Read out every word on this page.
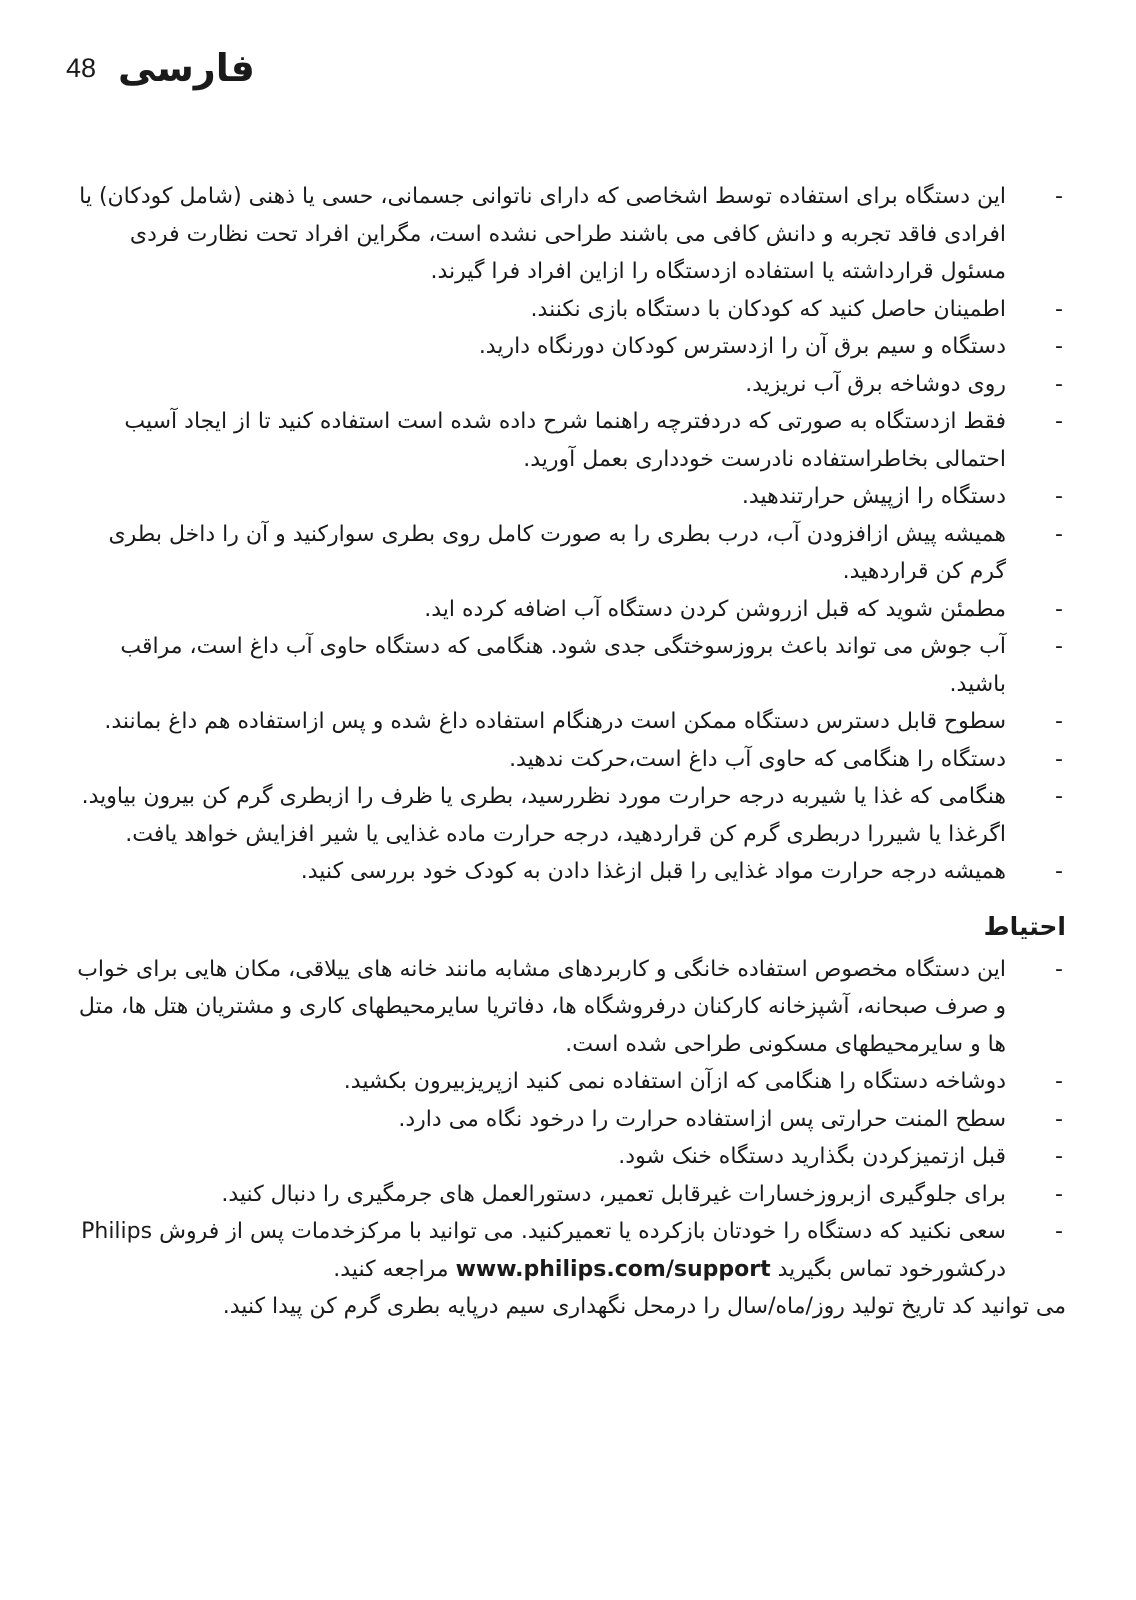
48 فارسی
-
این دستگاه برای استفاده توسط اشخاصی که دارای ناتوانی جسمانی، حسی یا ذهنی (شامل کودکان) یا افرادی فاقد تجربه و دانش کافی می باشند طراحی نشده است، مگراین افراد تحت نظارت فردی مسئول قرارداشته یا استفاده ازدستگاه را ازاین افراد فرا گیرند.
-
اطمینان حاصل کنید که کودکان با دستگاه بازی نکنند.
-
دستگاه و سیم برق آن را ازدسترس کودکان دورنگاه دارید.
-
روی دوشاخه برق آب نریزید.
-
فقط ازدستگاه به صورتی که دردفترچه راهنما شرح داده شده است استفاده کنید تا از ایجاد آسیب احتمالی بخاطراستفاده نادرست خودداری بعمل آورید.
-
دستگاه را ازپیش حرارتندهید.
-
همیشه پیش ازافزودن آب، درب بطری را به صورت کامل روی بطری سوارکنید و آن را داخل بطری گرم کن قراردهید.
-
مطمئن شوید که قبل ازروشن کردن دستگاه آب اضافه کرده اید.
-
آب جوش می تواند باعث بروزسوختگی جدی شود. هنگامی که دستگاه حاوی آب داغ است، مراقب باشید.
-
سطوح قابل دسترس دستگاه ممکن است درهنگام استفاده داغ شده و پس ازاستفاده هم داغ بمانند.
-
دستگاه را هنگامی که حاوی آب داغ است،حرکت ندهید.
-
هنگامی که غذا یا شیربه درجه حرارت مورد نظررسید، بطری یا ظرف را ازبطری گرم کن بیرون بیاوید. اگرغذا یا شیررا دربطری گرم کن قراردهید، درجه حرارت ماده غذایی یا شیر افزایش خواهد یافت.
-
همیشه درجه حرارت مواد غذایی را قبل ازغذا دادن به کودک خود بررسی کنید.
احتیاط
-
این دستگاه مخصوص استفاده خانگی و کاربردهای مشابه مانند خانه های ییلاقی، مکان هایی برای خواب و صرف صبحانه، آشپزخانه کارکنان درفروشگاه ها، دفاتریا سایرمحیطهای کاری و مشتریان هتل ها، متل ها و سایرمحیطهای مسکونی طراحی شده است.
-
دوشاخه دستگاه را هنگامی که ازآن استفاده نمی کنید ازپریزبیرون بکشید.
-
سطح المنت حرارتی پس ازاستفاده حرارت را درخود نگاه می دارد.
-
قبل ازتمیزکردن بگذارید دستگاه خنک شود.
-
برای جلوگیری ازبروزخسارات غیرقابل تعمیر، دستورالعمل های جرمگیری را دنبال کنید.
-
سعی نکنید که دستگاه را خودتان بازکرده یا تعمیرکنید. می توانید با مرکزخدمات پس از فروش Philips درکشورخود تماس بگیرید www.philips.com/support مراجعه کنید.

می توانید کد تاریخ تولید روز/ماه/سال را درمحل نگهداری سیم درپایه بطری گرم کن پیدا کنید.
